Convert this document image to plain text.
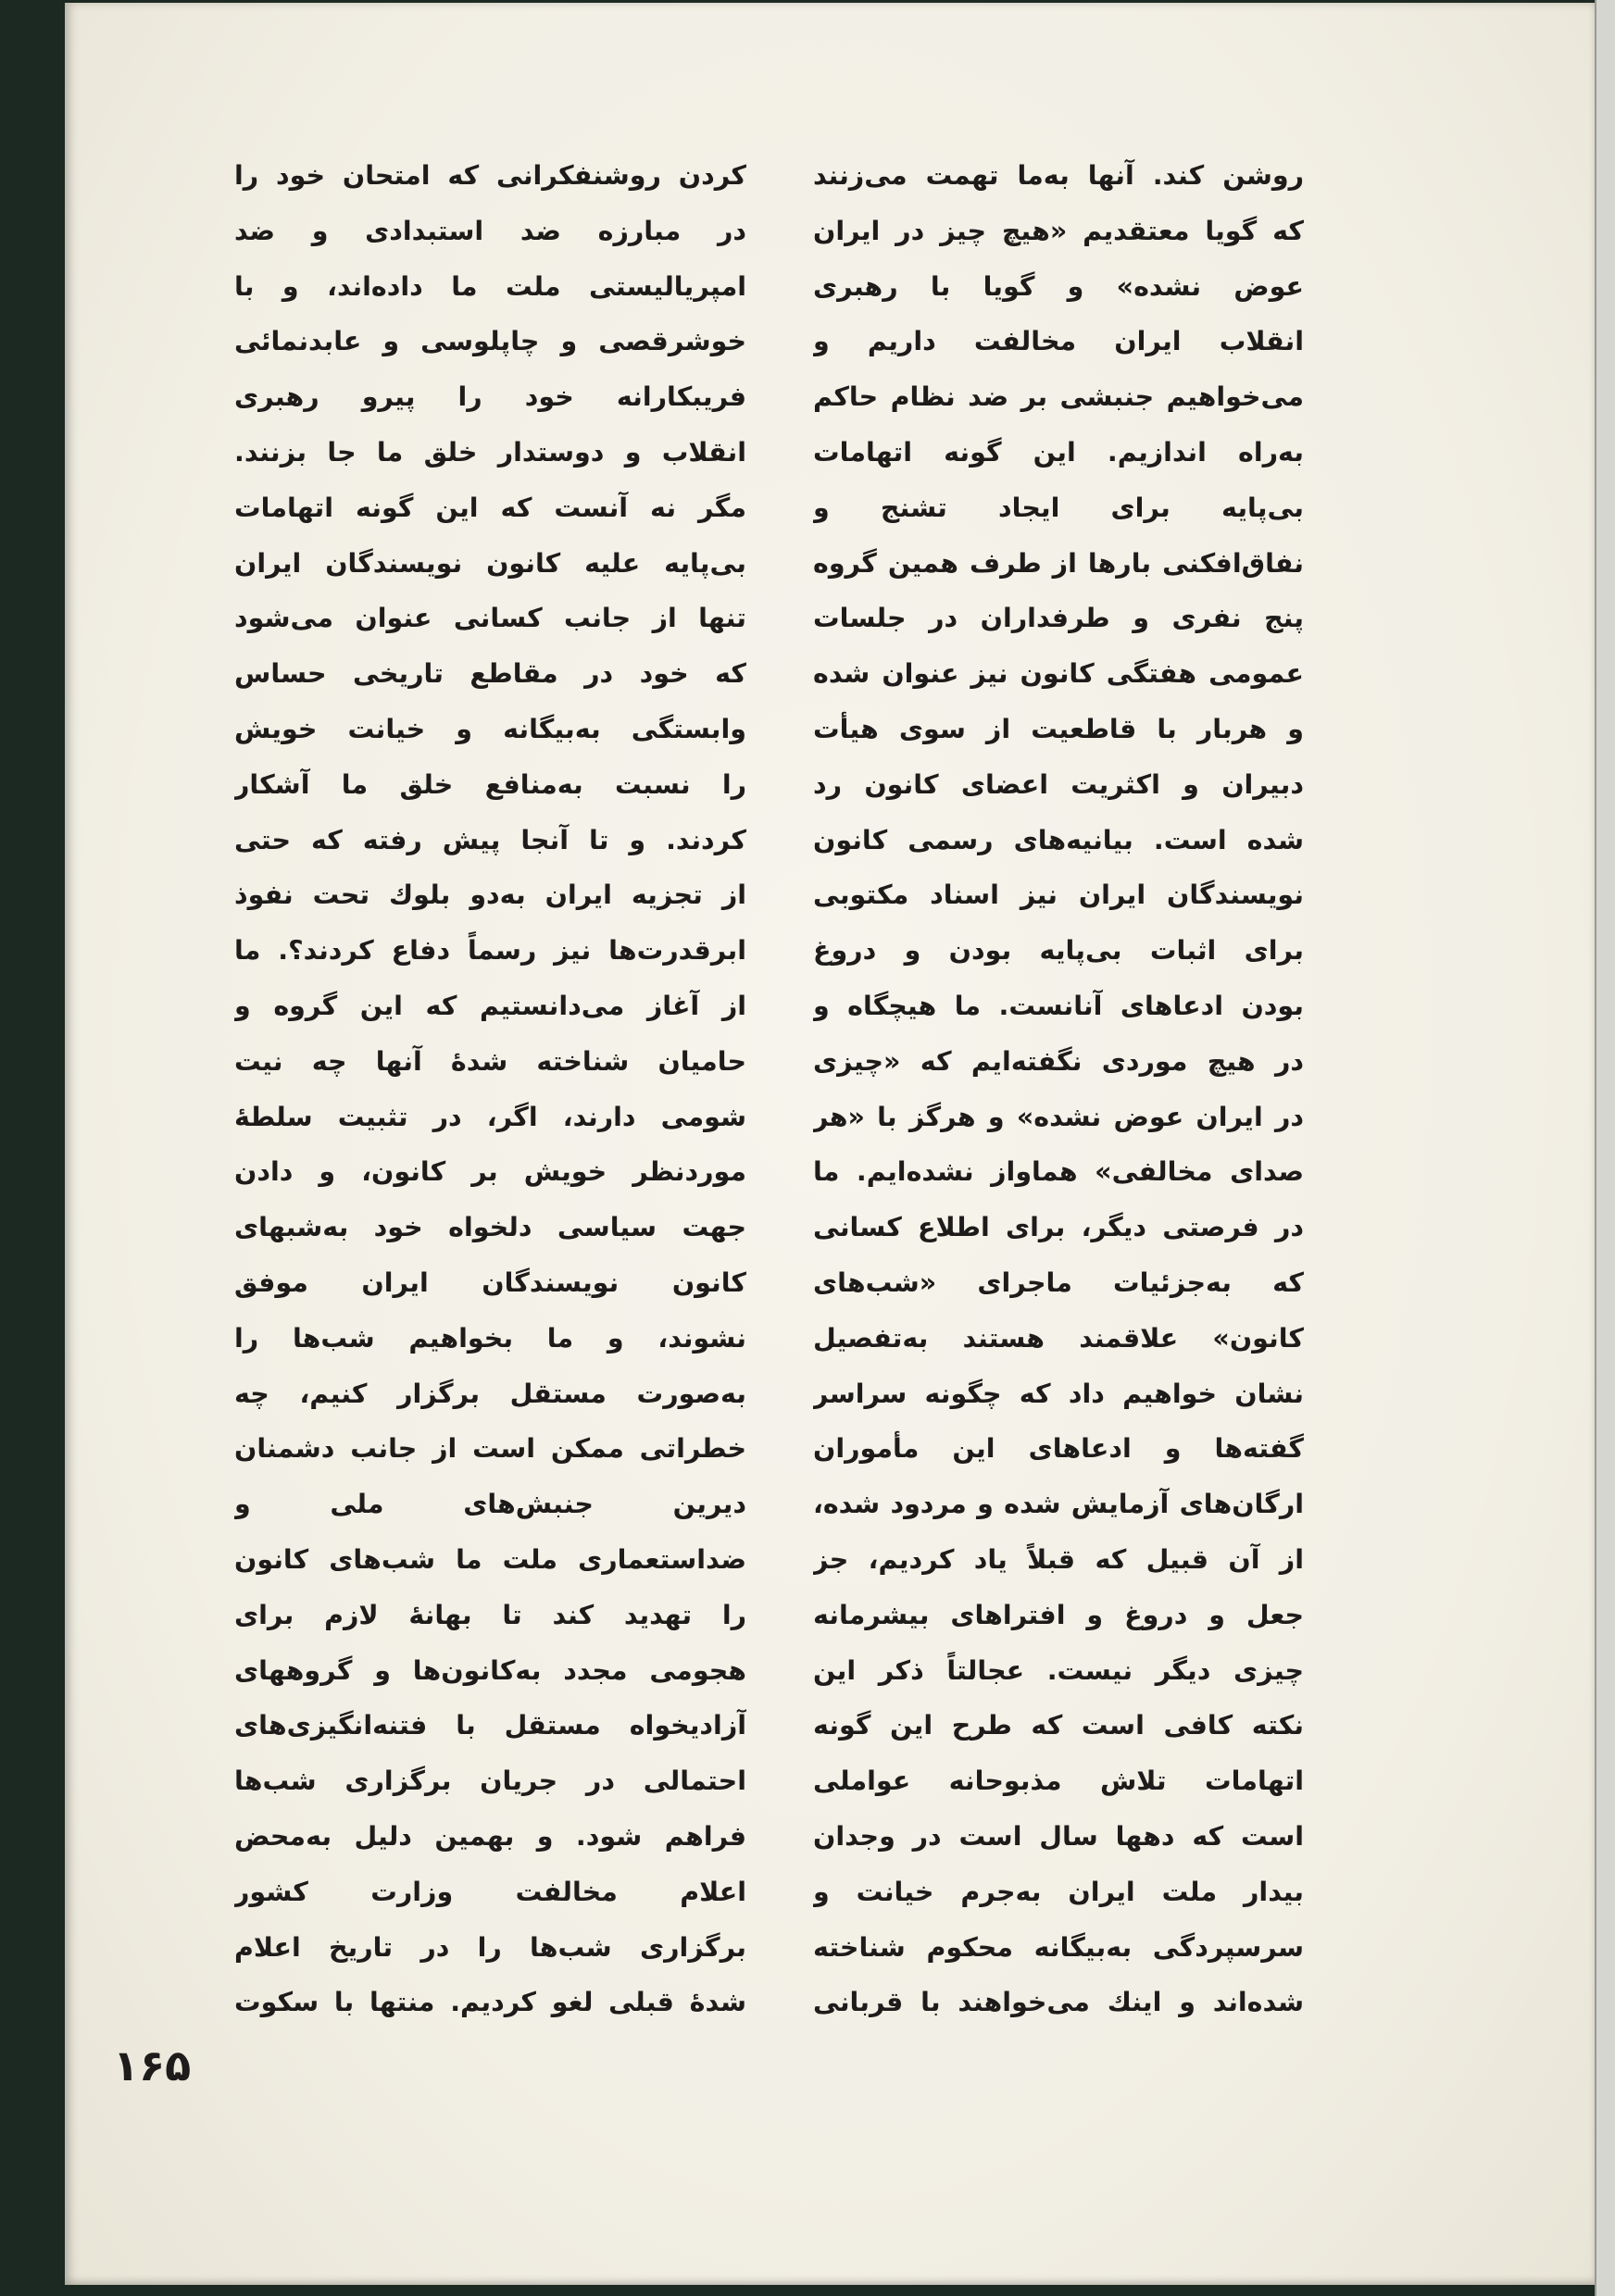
روشن کند. آنها به‌ما تهمت می‌زنند
که گویا معتقدیم «هیچ چیز در ایران
عوض نشده» و گویا با رهبری
انقلاب ایران مخالفت داریم و
می‌خواهیم جنبشی بر ضد نظام حاکم
به‌راه اندازیم. این گونه اتهامات
بی‌پایه برای ایجاد تشنج و
نفاق‌افکنی بارها از طرف همین گروه
پنج نفری و طرفداران در جلسات
عمومی هفتگی کانون نیز عنوان شده
و هربار با قاطعیت از سوی هیأت
دبیران و اکثریت اعضای کانون رد
شده است. بیانیه‌های رسمی کانون
نویسندگان ایران نیز اسناد مکتوبی
برای اثبات بی‌پایه بودن و دروغ
بودن ادعاهای آنانست. ما هیچگاه و
در هیچ موردی نگفته‌ایم که «چیزی
در ایران عوض نشده» و هرگز با «هر
صدای مخالفی» هماواز نشده‌ایم. ما
در فرصتی دیگر، برای اطلاع کسانی
که به‌جزئیات ماجرای «شب‌های
کانون» علاقمند هستند به‌تفصیل
نشان خواهیم داد که چگونه سراسر
گفته‌ها و ادعاهای این مأموران
ارگان‌های آزمایش شده و مردود شده،
از آن قبیل که قبلاً یاد کردیم، جز
جعل و دروغ و افتراهای بیشرمانه
چیزی دیگر نیست. عجالتاً ذکر این
نکته کافی است که طرح این گونه
اتهامات تلاش مذبوحانه عواملی
است که دهها سال است در وجدان
بیدار ملت ایران به‌جرم خیانت و
سرسپردگی به‌بیگانه محکوم شناخته
شده‌اند و اینك می‌خواهند با قربانی
کردن روشنفکرانی که امتحان خود را
در مبارزه ضد استبدادی و ضد
امپریالیستی ملت ما داده‌اند، و با
خوشرقصی و چاپلوسی و عابدنمائی
فریبکارانه خود را پیرو رهبری
انقلاب و دوستدار خلق ما جا بزنند.
مگر نه آنست که این گونه اتهامات
بی‌پایه علیه کانون نویسندگان ایران
تنها از جانب کسانی عنوان می‌شود
که خود در مقاطع تاریخی حساس
وابستگی به‌بیگانه و خیانت خویش
را نسبت به‌منافع خلق ما آشکار
کردند. و تا آنجا پیش رفته که حتی
از تجزیه ایران به‌دو بلوك تحت نفوذ
ابرقدرت‌ها نیز رسماً دفاع کردند؟. ما
از آغاز می‌دانستیم که این گروه و
حامیان شناخته شدهٔ آنها چه نیت
شومی دارند، اگر، در تثبیت سلطهٔ
موردنظر خویش بر کانون، و دادن
جهت سیاسی دلخواه خود به‌شبهای
کانون نویسندگان ایران موفق
نشوند، و ما بخواهیم شب‌ها را
به‌صورت مستقل برگزار کنیم، چه
خطراتی ممکن است از جانب دشمنان
دیرین جنبش‌های ملی و
ضداستعماری ملت ما شب‌های کانون
را تهدید کند تا بهانهٔ لازم برای
هجومی مجدد به‌کانون‌ها و گروههای
آزادیخواه مستقل با فتنه‌انگیزی‌های
احتمالی در جریان برگزاری شب‌ها
فراهم شود. و بهمین دلیل به‌محض
اعلام مخالفت وزارت کشور
برگزاری شب‌ها را در تاریخ اعلام
شدهٔ قبلی لغو کردیم. منتها با سکوت
۱۶۵
